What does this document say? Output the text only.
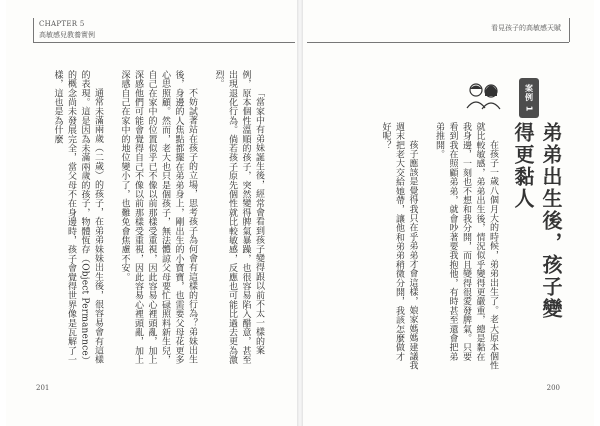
CHAPTER 5
高敏感兒教養實例

「當家中有弟妹誕生後，經常會看到孩子變得跟以前不太一樣的案例，原本個性溫順的孩子，突然變得脾氣暴躁，也很容易陷入醋意，甚至出現退化行為。倘若孩子原先個性就比較敏感，反應也可能比過去更為激烈。

不妨試著站在孩子的立場，思考孩子為何會有這樣的行為？弟妹出生後，身邊的人焦點都擺在弟弟身上，剛出生的小寶寶，也需要父母花更多心思照顧。然而，老大也只是個孩子，無法體諒父母要忙碌照料新生兒，自己在家中的位置似乎已不像以前那樣受重視，因此容易心裡頭亂，加上深感他們可能會覺得自己不像以前那樣受重視，因此容易心裡頭亂，加上深感自己在家中的地位變小了，也難免會焦慮不安。

通常未滿兩歲（二歲）的孩子，在弟弟妹妹出生後，很容易會有這樣的表現。這是因為未滿兩歲的孩子，物體恆存（Object Permanence）的概念尚未發展完全，當父母不在身邊時，孩子會覺得世界像是瓦解了一樣，這也是為什麼

201
看見孩子的高敏感天賦
案例 1
弟弟出生後，孩子變得更黏人

在孩子一歲八個月大的時候，弟弟出生了。老大原本個性就比較敏感，弟弟出生後，情況似乎變得更嚴重，總是黏在我身邊，一刻也不想和我分開，而且變得很愛發脾氣。只要看到我在照顧弟弟，就會吵著要我抱他，有時甚至還會把弟弟推開。

孩子應該是覺得我只在乎弟弟才會這樣，娘家媽媽建議我週末把老大交給她帶，讓他和弟弟稍微分開，我該怎麼做才好呢？

200
